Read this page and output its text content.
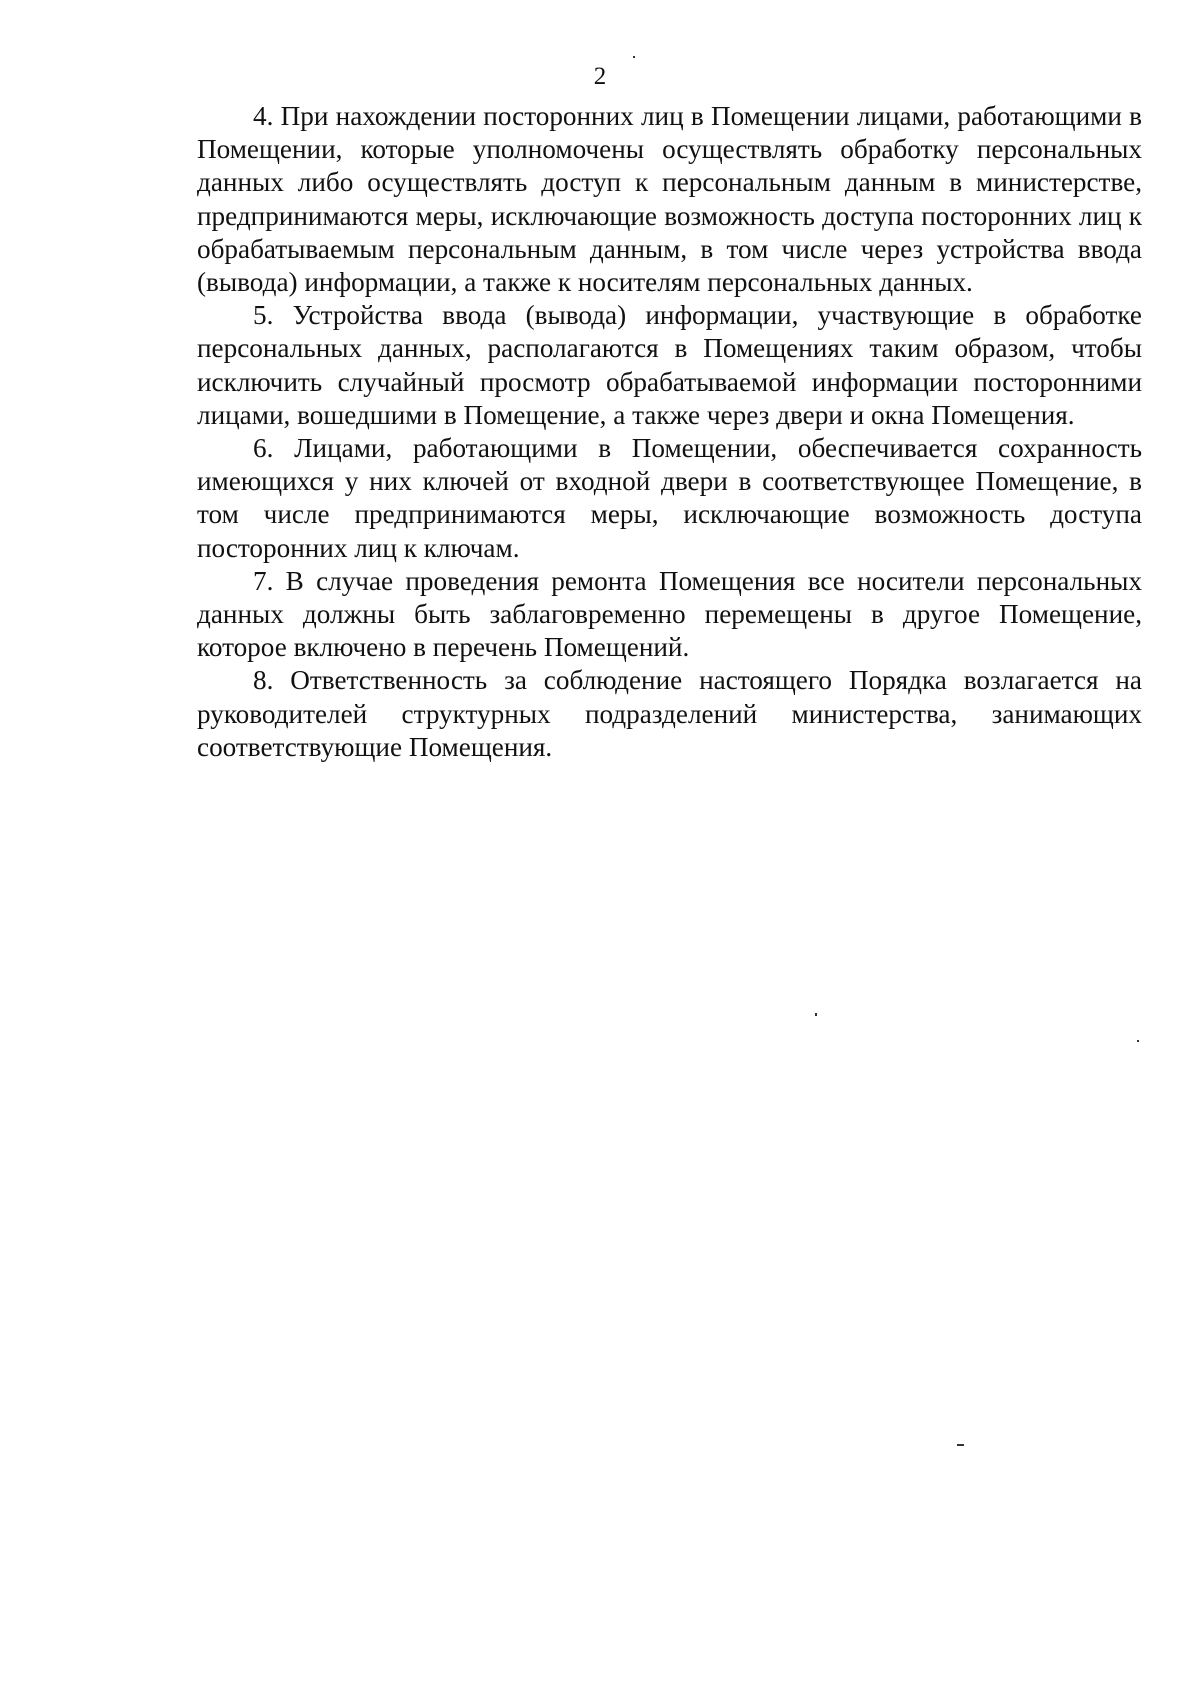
2

4. При нахождении посторонних лиц в Помещении лицами, работающими в Помещении, которые уполномочены осуществлять обработку персональных данных либо осуществлять доступ к персональным данным в министерстве, предпринимаются меры, исключающие возможность доступа посторонних лиц к обрабатываемым персональным данным, в том числе через устройства ввода (вывода) информации, а также к носителям персональных данных.

5. Устройства ввода (вывода) информации, участвующие в обработке персональных данных, располагаются в Помещениях таким образом, чтобы исключить случайный просмотр обрабатываемой информации посторонними лицами, вошедшими в Помещение, а также через двери и окна Помещения.

6. Лицами, работающими в Помещении, обеспечивается сохранность имеющихся у них ключей от входной двери в соответствующее Помещение, в том числе предпринимаются меры, исключающие возможность доступа посторонних лиц к ключам.

7. В случае проведения ремонта Помещения все носители персональных данных должны быть заблаговременно перемещены в другое Помещение, которое включено в перечень Помещений.

8. Ответственность за соблюдение настоящего Порядка возлагается на руководителей структурных подразделений министерства, занимающих соответствующие Помещения.
